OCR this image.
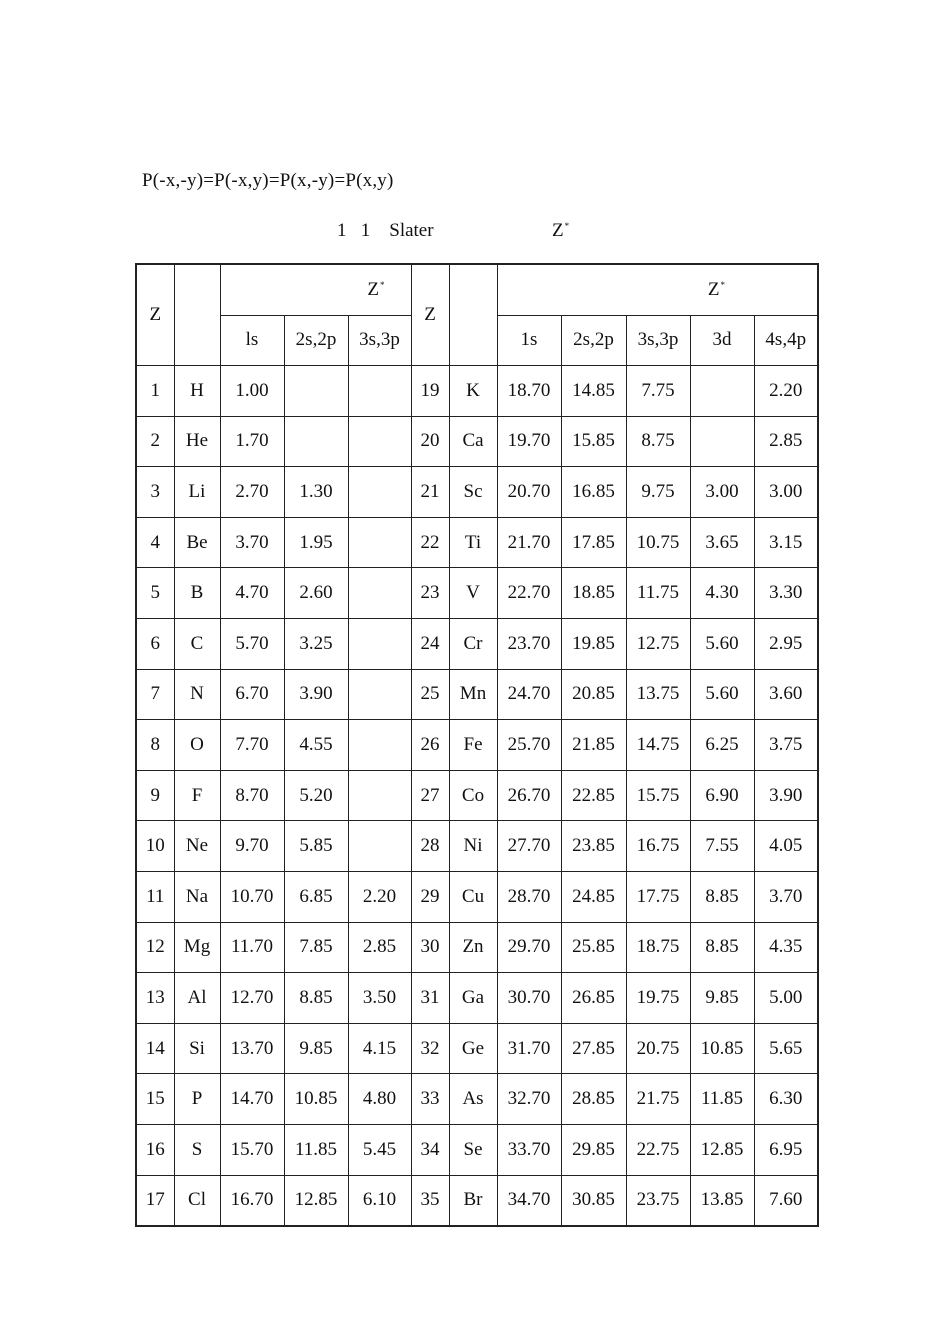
P(-x,-y)=P(-x,y)=P(x,-y)=P(x,y)
1   1 Slater	Z*
Z		Z*			Z		Z*
		ls	2s,2p	3s,3p			1s	2s,2p	3s,3p	3d	4s,4p
1	H	1.00			19	K	18.70	14.85	7.75		2.20
2	He	1.70			20	Ca	19.70	15.85	8.75		2.85
3	Li	2.70	1.30		21	Sc	20.70	16.85	9.75	3.00	3.00
4	Be	3.70	1.95		22	Ti	21.70	17.85	10.75	3.65	3.15
5	B	4.70	2.60		23	V	22.70	18.85	11.75	4.30	3.30
6	C	5.70	3.25		24	Cr	23.70	19.85	12.75	5.60	2.95
7	N	6.70	3.90		25	Mn	24.70	20.85	13.75	5.60	3.60
8	O	7.70	4.55		26	Fe	25.70	21.85	14.75	6.25	3.75
9	F	8.70	5.20		27	Co	26.70	22.85	15.75	6.90	3.90
10	Ne	9.70	5.85		28	Ni	27.70	23.85	16.75	7.55	4.05
11	Na	10.70	6.85	2.20	29	Cu	28.70	24.85	17.75	8.85	3.70
12	Mg	11.70	7.85	2.85	30	Zn	29.70	25.85	18.75	8.85	4.35
13	Al	12.70	8.85	3.50	31	Ga	30.70	26.85	19.75	9.85	5.00
14	Si	13.70	9.85	4.15	32	Ge	31.70	27.85	20.75	10.85	5.65
15	P	14.70	10.85	4.80	33	As	32.70	28.85	21.75	11.85	6.30
16	S	15.70	11.85	5.45	34	Se	33.70	29.85	22.75	12.85	6.95
17	Cl	16.70	12.85	6.10	35	Br	34.70	30.85	23.75	13.85	7.60
